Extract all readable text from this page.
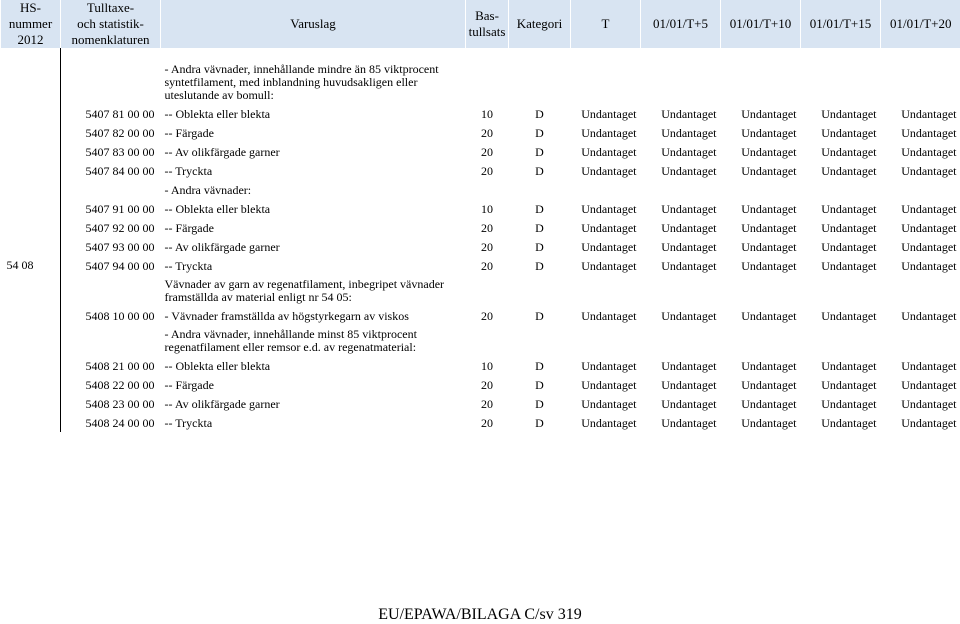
HS-
nummer
2012	Tulltaxe-
och statistik-
nomenklaturen	Varuslag	Bas-
tullsats	Kategori	T	01/01/T+5	01/01/T+10	01/01/T+15	01/01/T+20

54 08		- Andra vävnader, innehållande mindre än 85 viktprocent syntetfilament, med inblandning huvudsakligen eller uteslutande av bomull:							
	5407 81 00 00	-- Oblekta eller blekta	10	D	Undantaget	Undantaget	Undantaget	Undantaget	Undantaget
	5407 82 00 00	-- Färgade	20	D	Undantaget	Undantaget	Undantaget	Undantaget	Undantaget
	5407 83 00 00	-- Av olikfärgade garner	20	D	Undantaget	Undantaget	Undantaget	Undantaget	Undantaget
	5407 84 00 00	-- Tryckta	20	D	Undantaget	Undantaget	Undantaget	Undantaget	Undantaget
		- Andra vävnader:							
	5407 91 00 00	-- Oblekta eller blekta	10	D	Undantaget	Undantaget	Undantaget	Undantaget	Undantaget
	5407 92 00 00	-- Färgade	20	D	Undantaget	Undantaget	Undantaget	Undantaget	Undantaget
	5407 93 00 00	-- Av olikfärgade garner	20	D	Undantaget	Undantaget	Undantaget	Undantaget	Undantaget
	5407 94 00 00	-- Tryckta	20	D	Undantaget	Undantaget	Undantaget	Undantaget	Undantaget
		Vävnader av garn av regenatfilament, inbegripet vävnader framställda av material enligt nr 54 05:							
	5408 10 00 00	- Vävnader framställda av högstyrkegarn av viskos	20	D	Undantaget	Undantaget	Undantaget	Undantaget	Undantaget
		- Andra vävnader, innehållande minst 85 viktprocent regenatfilament eller remsor e.d. av regenatmaterial:							
	5408 21 00 00	-- Oblekta eller blekta	10	D	Undantaget	Undantaget	Undantaget	Undantaget	Undantaget
	5408 22 00 00	-- Färgade	20	D	Undantaget	Undantaget	Undantaget	Undantaget	Undantaget
	5408 23 00 00	-- Av olikfärgade garner	20	D	Undantaget	Undantaget	Undantaget	Undantaget	Undantaget
	5408 24 00 00	-- Tryckta	20	D	Undantaget	Undantaget	Undantaget	Undantaget	Undantaget
EU/EPAWA/BILAGA C/sv 319
